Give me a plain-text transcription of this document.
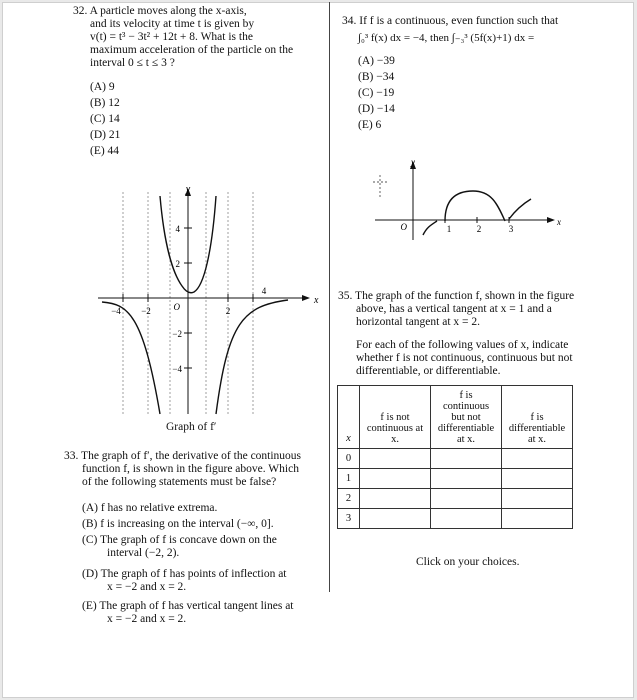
32. A particle moves along the x-axis,
and its velocity at time t is given by
v(t) = t³ − 3t² + 12t + 8. What is the
maximum acceleration of the particle on the
interval 0 ≤ t ≤ 3 ?
(A) 9
(B) 12
(C) 14
(D) 21
(E) 44
y
x
4
2
−2
−4
−4 −2	2
4
O
Graph of f′
33. The graph of f′, the derivative of the continuous
function f, is shown in the figure above. Which
of the following statements must be false?
(A) f has no relative extrema.
(B) f is increasing on the interval (−∞, 0].
(C) The graph of f is concave down on the
interval (−2, 2).
(D) The graph of f has points of inflection at
x = −2 and x = 2.
(E) The graph of f has vertical tangent lines at
x = −2 and x = 2.
34. If f is a continuous, even function such that
∫₀³ f(x) dx = −4, then ∫₋₃³ (5f(x)+1) dx =
(A) −39
(B) −34
(C) −19
(D) −14
(E) 6
y
x
O	1	2	3
35. The graph of the function f, shown in the figure
above, has a vertical tangent at x = 1 and a
horizontal tangent at x = 2.
For each of the following values of x, indicate
whether f is not continuous, continuous but not
differentiable, or differentiable.
x	f is not
continuous at
x.	f is
continuous
but not
differentiable
at x.	f is
differentiable
at x.
0			
1			
2			
3			
Click on your choices.
